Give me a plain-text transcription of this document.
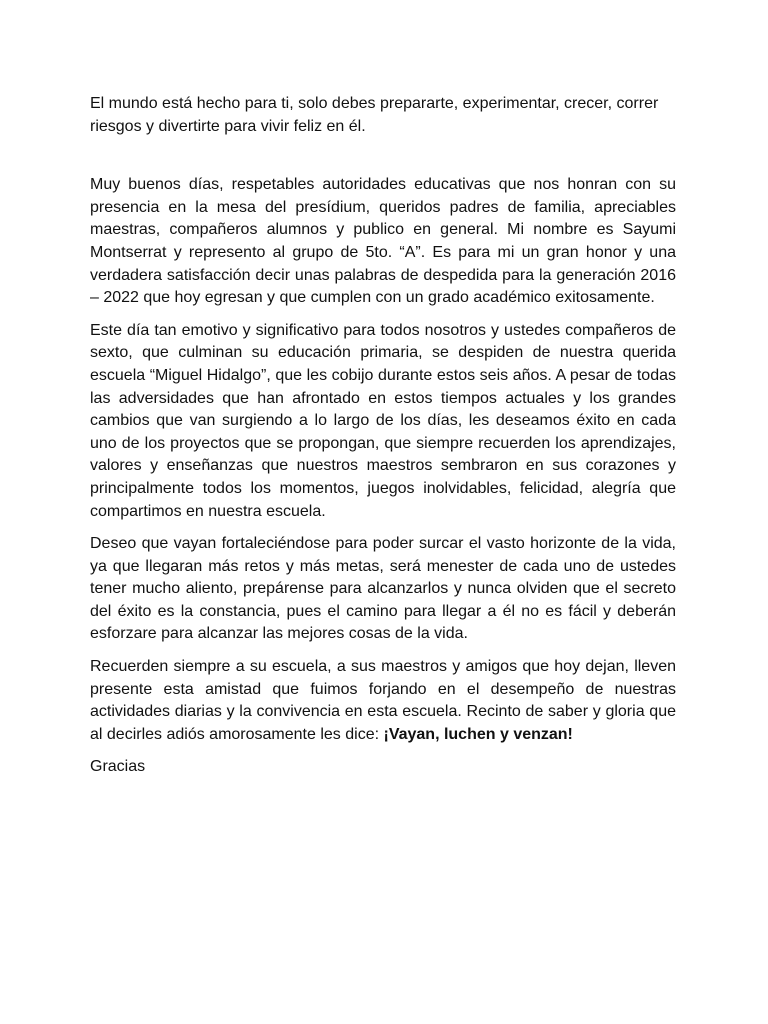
El mundo está hecho para ti, solo debes prepararte, experimentar, crecer, correr riesgos y divertirte para vivir feliz en él.

Muy buenos días, respetables autoridades educativas que nos honran con su presencia en la mesa del presídium, queridos padres de familia, apreciables maestras, compañeros alumnos y publico en general. Mi nombre es Sayumi Montserrat y represento al grupo de 5to. “A”. Es para mi un gran honor y una verdadera satisfacción decir unas palabras de despedida para la generación 2016 – 2022 que hoy egresan y que cumplen con un grado académico exitosamente.

Este día tan emotivo y significativo para todos nosotros y ustedes compañeros de sexto, que culminan su educación primaria, se despiden de nuestra querida escuela “Miguel Hidalgo”, que les cobijo durante estos seis años. A pesar de todas las adversidades que han afrontado en estos tiempos actuales y los grandes cambios que van surgiendo a lo largo de los días, les deseamos éxito en cada uno de los proyectos que se propongan, que siempre recuerden los aprendizajes, valores y enseñanzas que nuestros maestros sembraron en sus corazones y principalmente todos los momentos, juegos inolvidables, felicidad, alegría que compartimos en nuestra escuela.

Deseo que vayan fortaleciéndose para poder surcar el vasto horizonte de la vida, ya que llegaran más retos y más metas, será menester de cada uno de ustedes tener mucho aliento, prepárense para alcanzarlos y nunca olviden que el secreto del éxito es la constancia, pues el camino para llegar a él no es fácil y deberán esforzare para alcanzar las mejores cosas de la vida.

Recuerden siempre a su escuela, a sus maestros y amigos que hoy dejan, lleven presente esta amistad que fuimos forjando en el desempeño de nuestras actividades diarias y la convivencia en esta escuela. Recinto de saber y gloria que al decirles adiós amorosamente les dice: ¡Vayan, luchen y venzan!

Gracias
